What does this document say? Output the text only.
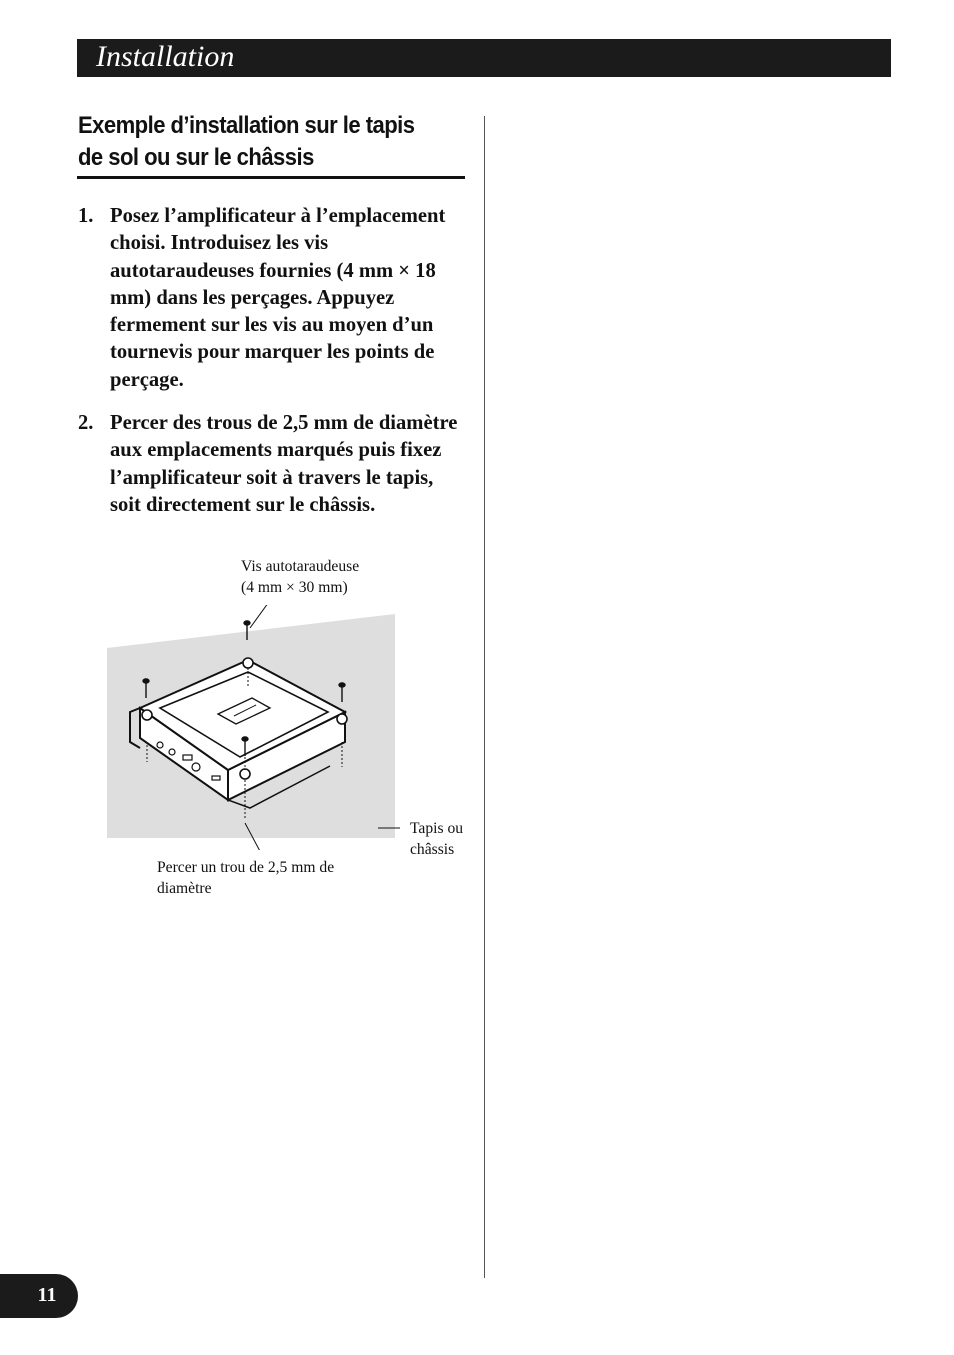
Installation
Exemple d’installation sur le tapis de sol ou sur le châssis
1. Posez l’amplificateur à l’emplacement choisi. Introduisez les vis autotaraudeuses fournies (4 mm × 18 mm) dans les perçages. Appuyez fermement sur les vis au moyen d’un tournevis pour marquer les points de perçage.
2. Percer des trous de 2,5 mm de diamètre aux emplacements marqués puis fixez l’amplificateur soit à travers le tapis, soit directement sur le châssis.
Vis autotaraudeuse
(4 mm × 30 mm)
Tapis ou
châssis
Percer un trou de 2,5 mm de
diamètre
11
